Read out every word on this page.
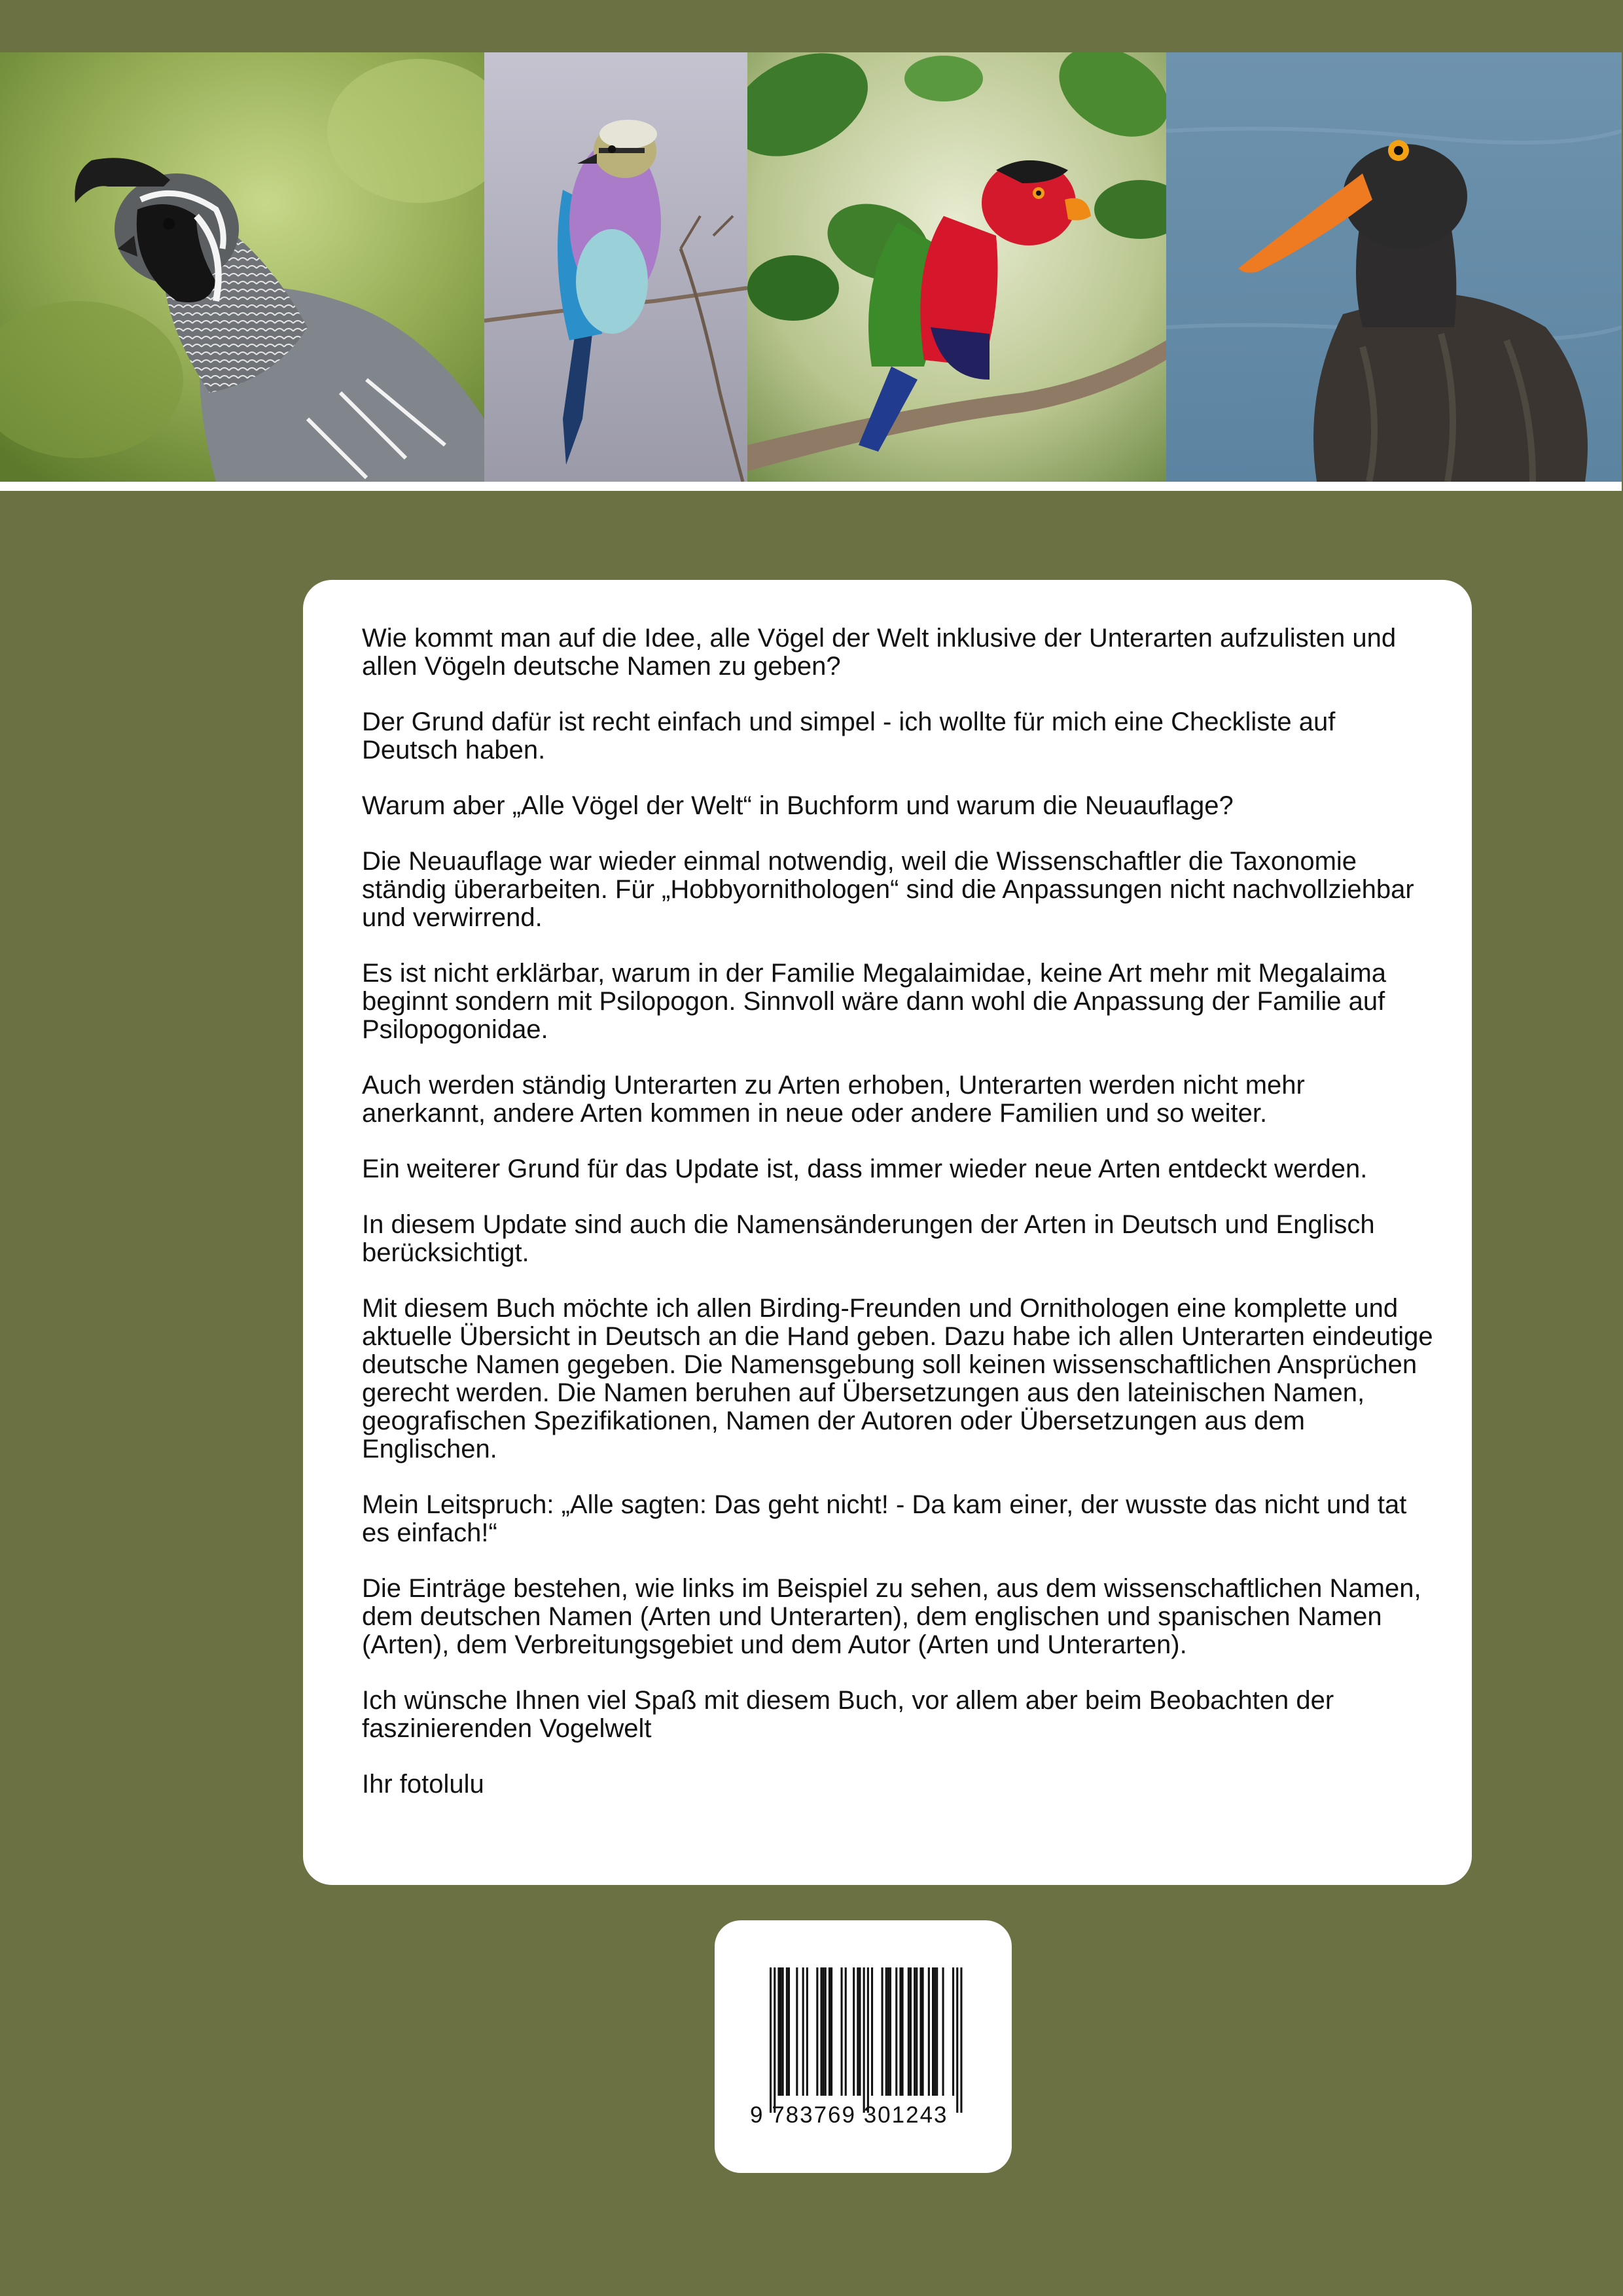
Wie kommt man auf die Idee, alle Vögel der Welt inklusive der Unterarten aufzulisten und allen Vögeln deutsche Namen zu geben?

Der Grund dafür ist recht einfach und simpel - ich wollte für mich eine Checkliste auf Deutsch haben.

Warum aber „Alle Vögel der Welt“ in Buchform und warum die Neuauflage?

Die Neuauflage war wieder einmal notwendig, weil die Wissenschaftler die Taxonomie ständig überarbeiten. Für „Hobbyornithologen“ sind die Anpassungen nicht nachvollziehbar und verwirrend.

Es ist nicht erklärbar, warum in der Familie Megalaimidae, keine Art mehr mit Megalaima beginnt sondern mit Psilopogon. Sinnvoll wäre dann wohl die Anpassung der Familie auf Psilopogonidae.

Auch werden ständig Unterarten zu Arten erhoben, Unterarten werden nicht mehr anerkannt, andere Arten kommen in neue oder andere Familien und so weiter.

Ein weiterer Grund für das Update ist, dass immer wieder neue Arten entdeckt werden.

In diesem Update sind auch die Namensänderungen der Arten in Deutsch und Englisch berücksichtigt.

Mit diesem Buch möchte ich allen Birding-Freunden und Ornithologen eine komplette und aktuelle Übersicht in Deutsch an die Hand geben. Dazu habe ich allen Unterarten eindeutige deutsche Namen gegeben. Die Namensgebung soll keinen wissenschaftlichen Ansprüchen gerecht werden. Die Namen beruhen auf Übersetzungen aus den lateinischen Namen, geografischen Spezifikationen, Namen der Autoren oder Übersetzungen aus dem Englischen.

Mein Leitspruch: „Alle sagten: Das geht nicht! - Da kam einer, der wusste das nicht und tat es einfach!“

Die Einträge bestehen, wie links im Beispiel zu sehen, aus dem wissenschaftlichen Namen, dem deutschen Namen (Arten und Unterarten), dem englischen und spanischen Namen (Arten), dem Verbreitungsgebiet und dem Autor (Arten und Unterarten).

Ich wünsche Ihnen viel Spaß mit diesem Buch, vor allem aber beim Beobachten der faszinierenden Vogelwelt

Ihr fotolulu

9 783769 301243
